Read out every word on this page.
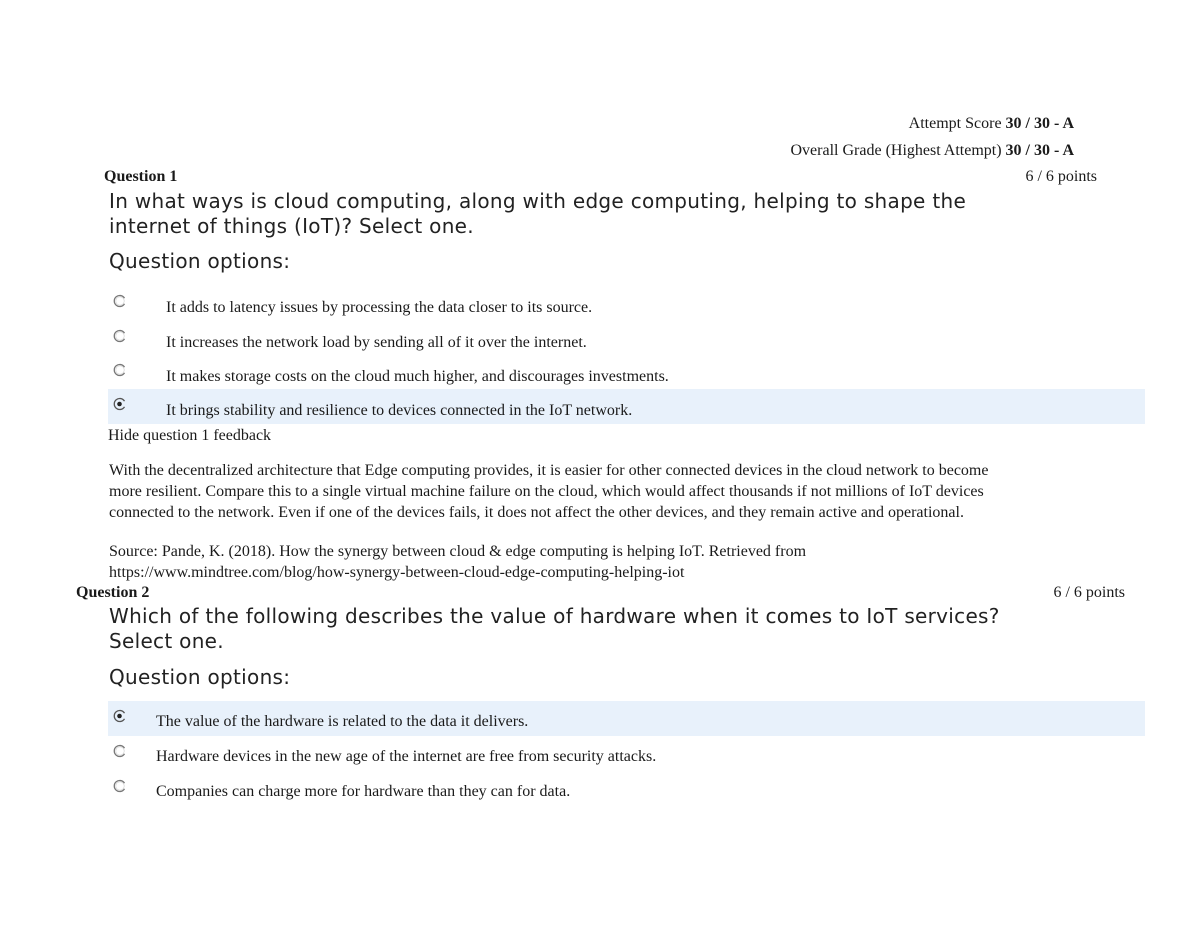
Attempt Score 30 / 30 - A
Overall Grade (Highest Attempt) 30 / 30 - A
Question 1	6 / 6 points
In what ways is cloud computing, along with edge computing, helping to shape the
internet of things (IoT)? Select one.
Question options:
It adds to latency issues by processing the data closer to its source.
It increases the network load by sending all of it over the internet.
It makes storage costs on the cloud much higher, and discourages investments.
It brings stability and resilience to devices connected in the IoT network.
Hide question 1 feedback
With the decentralized architecture that Edge computing provides, it is easier for other connected devices in the cloud network to become
more resilient. Compare this to a single virtual machine failure on the cloud, which would affect thousands if not millions of IoT devices
connected to the network. Even if one of the devices fails, it does not affect the other devices, and they remain active and operational.
Source: Pande, K. (2018). How the synergy between cloud & edge computing is helping IoT. Retrieved from
https://www.mindtree.com/blog/how-synergy-between-cloud-edge-computing-helping-iot
Question 2	6 / 6 points
Which of the following describes the value of hardware when it comes to IoT services?
Select one.
Question options:
The value of the hardware is related to the data it delivers.
Hardware devices in the new age of the internet are free from security attacks.
Companies can charge more for hardware than they can for data.
